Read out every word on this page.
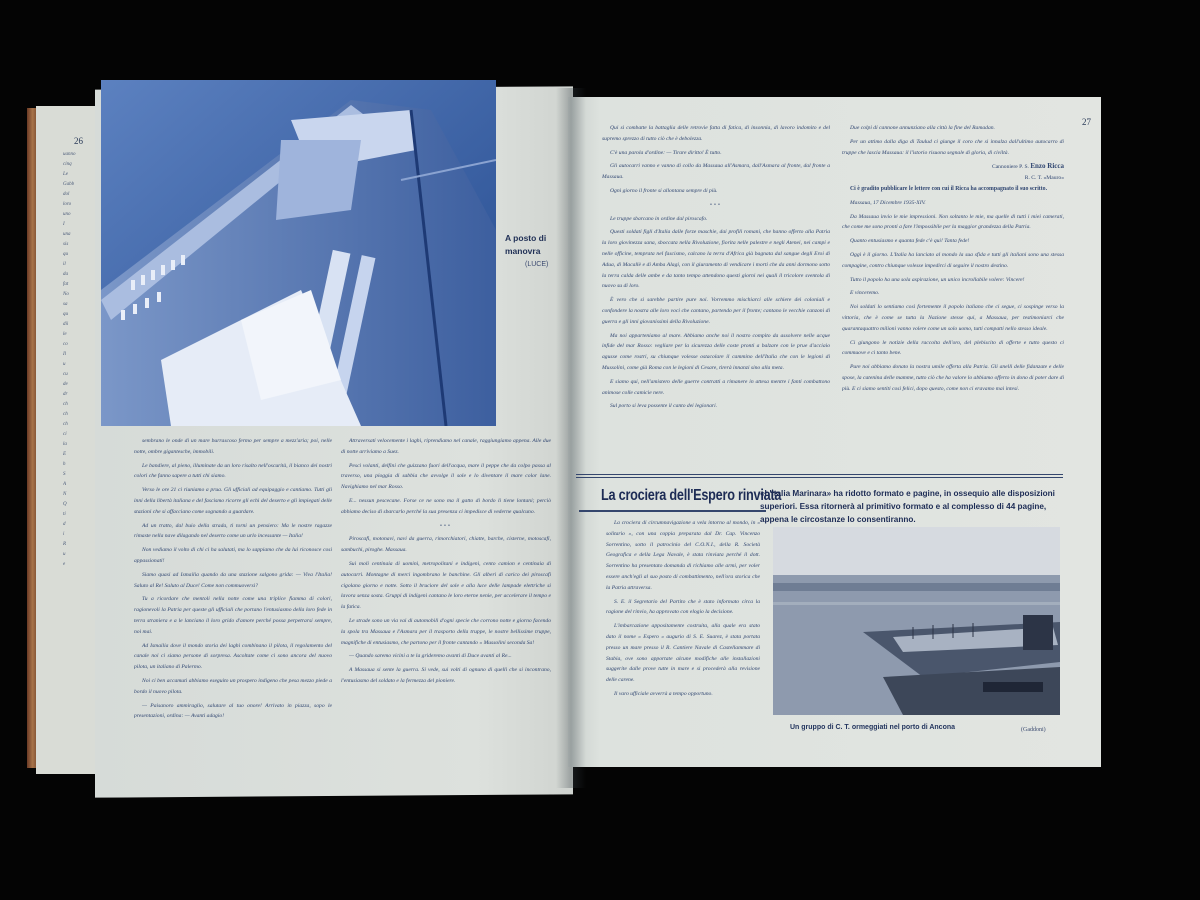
uanno
cinq
Le
Gabb
dol
loro
uno
I
una
sis
qu
il
da
fat
No
sa
qu
dii
le
co
Il
u
cu
de
dr
ch
ch
ch
ci
la
E
h
S
A
N
Q
ti
d
i
R
u
e
26
27
A posto di manovra
(LUCE)

sembrano le onde di un mare burrascoso fermo per sempre a mezz'aria; poi, nelle notte, ombre gigantesche, immobili.

Le bandiere, al pieno, illuminate da un loro risalto nell'oscurità, il bianco dei nostri colori che fanno sapere a tutti chi siamo.

Verso le ore 21 ci riuniamo a prua. Gli ufficiali ad equipaggio e cantiamo. Tutti gli inni della libertà italiana e del fascismo ricorre gli echi del deserto e gli impiegati delle stazioni che si affacciano come sognando a guardare.

Ad un tratto, dal buio della strada, ti torni un pensiero: Ma le nostre ragazze rimaste nella nave dilagando nel deserto come un urlo incessante — Italia!

Non vediamo il volto di chi ci ha salutati, ma lo sappiamo che da lui riconosce cosi appassionati!

Siamo quasi ad Ismailia quando da una stazione salgono grida: — Viva l'Italia! Saluto al Re! Saluto al Duce! Come non commuoversi?

Tu a ricordare che mentoli nella notte come una triplice fiamma di colori, ragionevoli la Patria per queste gli ufficiali che portano l'entusiasmo della loro fede in terra straniera e a le lanciano il loro grido d'amore perché possa perpetrarsi sempre, noi mai.

Ad Ismailia dove il mondo storia dei laghi combinano il pilota, il regolamento del canale noi ci siamo persone di sorpresa. Ascoltate come ci sono ancora del nuovo pilota, un italiano di Palermo.

Noi ci ben accamuti abbiamo eseguito un prospero indigeno che pesa mezzo piede a bordo il nuovo pilota.

— Paisanoro ammiraglio, salutare al tuo onore! Arrivato in piazza, sopo le presentazioni, ordina: — Avanti adagio!

Attraversati velocemente i laghi, riprendiamo nel canale, raggiungiamo appena. Alle due di notte arriviamo a Suez.

Pesci volanti, delfini che guizzano fuori dell'acqua, mare il peppe che da colpo passa al traverso, una pioggia di sabbia che avvolge il sole e lo diventare il mare color lane. Navighiamo nel mar Rosso.

E... nessun pescecane. Forse ce ne sono ma il gatto di bordo li tiene lontani; perciò abbiamo deciso di sbarcarlo perché la sua presenza ci impedisce di vederne qualcuno.

•••

Piroscafi, motonavi, navi da guerra, rimorchiatori, chiatte, barche, cisterne, motoscafi, sambuchi, piroghe. Massaua.

Sui moli centinaia di uomini, metropolitani e indigeni, cento camion e centinaia di autocarri. Montagne di merci ingombrano le banchine. Gli alberi di carico dei piroscafi cigolano giorno e notte. Sotto il bruciore del sole e alla luce delle lampade elettriche si lavora senza sosta. Gruppi di indigeni cantano le loro eterne nenie, per accelerare il tempo e la fatica.

Le strade sono un via vai di automobili d'ogni specie che corrono notte e giorno facendo la spola tra Massaua e l'Asmara per il trasporto della truppe, le nostre bellissime truppe, magnifiche di entusiasmo, che partono per il fronte cantando « Mussolini seconda Sa!

— Quando saremo vicini a te la grideremo avanti di Duce avanti al Re...

A Massaua si sente la guerra. Si vede, sui volti di ognuno di quelli che si incontrano, l'entusiasmo del soldato e la fermezza del pioniere.

Qui si combatte la battaglia delle retrovie fatta di fatica, di insonnia, di lavoro indomito e del supremo sprezzo di tutto ciò che è debolezza.

C'è una parola d'ordine: — Tirare diritto! È tutto.

Gli autocarri vanno e vanno di collo da Massaua all'Asmara, dall'Asmara al fronte, dal fronte a Massaua.

Ogni giorno il fronte si allontana sempre di più.

•••

Le truppe sbarcano in ordine dal piroscafo.

Questi soldati figli d'Italia dalle forze maschie, dai profili romani, che hanno offerto alla Patria la loro giovinezza sana, sboccata nella Rivoluzione, fiorita nelle palestre e negli Atenei, nei campi e nelle officine, temprata nel fascismo, calcano la terra d'Africa già bagnata dal sangue degli Eroi di Adua, di Macallè e di Amba Alagi, con il giuramento di vendicare i morti che da anni dormono sotto la terra calda delle ambe e da tanto tempo attendono questi giorni nei quali il tricolore sventola di nuovo su di loro.

È vero che si sarebbe partire pure noi. Vorremmo mischiarci alle schiere dei coloniali e confondere la nostra alle loro voci che cantano, partendo per il fronte; cantano le vecchie canzoni di guerra e gli inni giovanissimi della Rivoluzione.

Ma noi apparteniamo al mare. Abbiamo anche noi il nostro compito da assolvere nelle acque infide del mar Rosso: vegliare per la sicurezza delle coste pronti a balzare con le prue d'acciaio agusse come rostri, su chiunque volesse ostacolare il cammino dell'Italia che con le legioni di Mussolini, come già Roma con le legioni di Cesare, tirerà innanzi sino alla meta.

E siamo qui, nell'amistero delle guerre contratti a rimanere in attesa mentre i fanti combattono animose colle camicie nere.

Sul porto si leva possente il canto dei legionari.

Due colpi di cannone annunziano alla città la fine del Ramadan.

Per un attimo dalla diga di Taulud ci giunge il coro che si innalza dall'ultimo autocarro di truppe che lascia Massaua: il l'istorio risuona segnale di gloria, di civiltà.

Cannoniere P. S. Enzo Ricca
R. C. T. «Mauro»

Ci è gradito pubblicare le lettere con cui il Ricca ha accompagnato il suo scritto.

Massaua, 17 Dicembre 1935-XIV.

Da Massaua invio le mie impressioni. Non soltanto le mie, ma quelle di tutti i miei camerati, che come me sono pronti a fare l'impossibile per la maggior grandezza della Patria.

Quanto entusiasmo e quanta fede c'è qui! Tanta fede!

Oggi è il giorno. L'Italia ha lanciato al mondo la sua sfida e tutti gli italiani sono una stessa compagine, contro chiunque volesse impedirci di seguire il nostro destino.

Tutto il popolo ha una sola aspirazione, un unico incrollabile volere: Vincere!

E vinceremo.

Noi soldati lo sentiamo così fortemente il popolo italiano che ci segue, ci sospinge verso la vittoria, che è come se tutta la Nazione stesse qui, a Massaua, per testimoniarci che quarantaquattro milioni vanno volere come un solo uomo, tutti compatti nello stesso ideale.

Ci giungono le notizie della raccolta dell'oro, del plebiscito di offerte e tutto questo ci commuove e ci tanto bene.

Pure noi abbiamo donato la nostra umile offerta alla Patria. Gli anelli delle fidanzate e delle spose, la catenina delle mamme, tutto ciò che ha valore lo abbiamo offerto in dono di poter dare di più. E ci siamo sentiti così felici, dopo questo, come non ci eravamo mai intesi.

La crociera dell'Espero rinviata
«L'Italia Marinara» ha ridotto formato e pagine, in ossequio alle disposizioni superiori. Essa ritornerà al primitivo formato e al complesso di 44 pagine, appena le circostanze lo consentiranno.

La crociera di circumnavigazione a vela intorno al mondo, in « solitario », con una coppia preparata dal Dr. Cap. Vincenzo Sorrentino, sotto il patrocinio del C.O.N.I., della R. Società Geografica e della Lega Navale, è stata rinviata perché il dott. Sorrentino ha presentato domanda di richiamo alle armi, per voler essere anch'egli al suo posto di combattimento, nell'ora storica che la Patria attraversa.

S. E. il Segretario del Partito che è stato informato circa la ragione del rinvio, ha approvato con elogio la decisione.

L'imbarcazione appositamente costruita, alla quale era stato dato il nome « Espero » augurio di S. E. Suarez, è stata portata presso un mare presso il R. Cantiere Navale di Castellammare di Stabia, ove sono apportate alcune modifiche alle installazioni suggerite dalle prove tutte in mare e si procederà alla revisione delle carene.

Il varo ufficiale avverrà a tempo opportuno.

Un gruppo di C. T. ormeggiati nel porto di Ancona	(Gaddoni)
